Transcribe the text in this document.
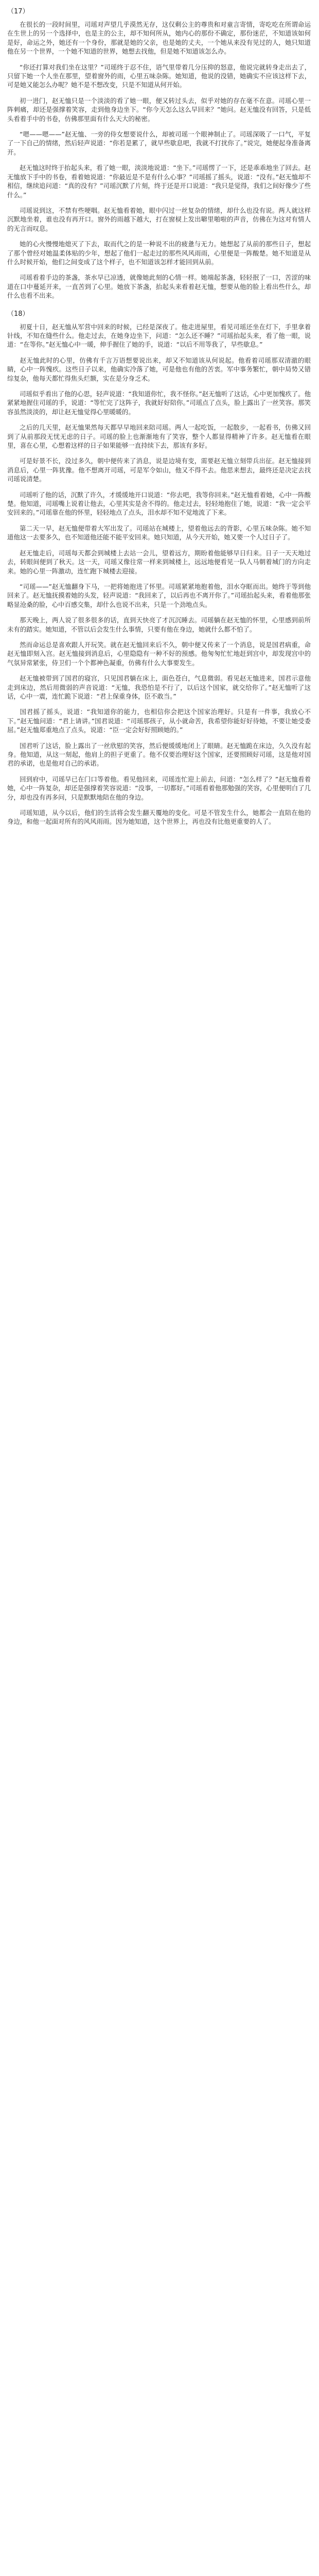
（17）

在很长的一段时间里，司瑶对声望几乎漠然无存，这仅剩公主的尊贵和对童言寄情，寄吃吃在所谓命运在生世上的另一个选择中，也是主的公主，却不知何所从，她内心的那份不确定，那份迷茫，不知道该如何是好，命运之外，她还有一个身份，那就是她的父亲，也是她的丈夫，一个她从来没有见过的人，她只知道他在另一个世界，一个她不知道的世界，她想去找他，但是她不知道该怎么办。

“你还打算对我们坐在这里？”司瑶终于忍不住，语气里带着几分压抑的怒意，他说完就转身走出去了，只留下她一个人坐在那里，望着窗外的雨，心里五味杂陈。她知道，他说的没错，她确实不应该这样下去，可是她又能怎么办呢？她不是不想改变，只是不知道从何开始。

初一进门，赵无恤只是一个淡淡的看了她一眼，便又转过头去，似乎对她的存在毫不在意。司瑶心里一阵刺痛，却还是强撑着笑容，走到他身边坐下。“你今天怎么这么早回来？”她问。赵无恤没有回答，只是低头看着手中的书卷，仿佛那里面有什么天大的秘密。

“嗯——嗯——”赵无恤、一旁的侍女想要说什么，却被司瑶一个眼神制止了。司瑶深吸了一口气，平复了一下自己的情绪，然后轻声说道：“你若是累了，就早些歇息吧，我就不打扰你了。”说完，她便起身准备离开。

赵无恤这时终于抬起头来，看了她一眼，淡淡地说道：“坐下。”司瑶愣了一下，还是乖乖地坐了回去。赵无恤放下手中的书卷，看着她说道：“你最近是不是有什么心事？”司瑶摇了摇头，说道：“没有。”赵无恤却不相信，继续追问道：“真的没有？”司瑶沉默了片刻，终于还是开口说道：“我只是觉得，我们之间好像少了些什么。”

司瑶说到这，不禁有些哽咽。赵无恤看着她，眼中闪过一丝复杂的情绪，却什么也没有说。两人就这样沉默地坐着，谁也没有再开口。窗外的雨越下越大，打在窗棂上发出噼里啪啦的声音，仿佛在为这对有情人的无言而叹息。

她的心火慢慢地熄灭了下去，取而代之的是一种说不出的疲惫与无力。她想起了从前的那些日子，想起了那个曾经对她温柔体贴的少年，想起了他们一起走过的那些风风雨雨，心里便是一阵酸楚。她不知道是从什么时候开始，他们之间变成了这个样子，也不知道该怎样才能回到从前。

司瑶看着手边的茶盏，茶水早已凉透，就像她此刻的心情一样。她端起茶盏，轻轻抿了一口，苦涩的味道在口中蔓延开来，一直苦到了心里。她放下茶盏，抬起头来看着赵无恤，想要从他的脸上看出些什么，却什么也看不出来。

（18）

初夏十日，赵无恤从军营中回来的时候，已经是深夜了。他走进屋里，看见司瑶还坐在灯下，手里拿着针线，不知在缝些什么。他走过去，在她身边坐下，问道：“怎么还不睡？”司瑶抬起头来，看了他一眼，说道：“在等你。”赵无恤心中一暖，伸手握住了她的手，说道：“以后不用等我了，早些歇息。”

赵无恤此时的心里，仿佛有千言万语想要说出来，却又不知道该从何说起。他看着司瑶那双清澈的眼睛，心中一阵愧疚。这些日子以来，他确实冷落了她，可是他也有他的苦衷。军中事务繁忙，朝中局势又错综复杂，他每天都忙得焦头烂额，实在是分身乏术。

司瑶似乎看出了他的心思，轻声说道：“我知道你忙，我不怪你。”赵无恤听了这话，心中更加愧疚了。他紧紧地握住司瑶的手，说道：“等忙完了这阵子，我就好好陪你。”司瑶点了点头，脸上露出了一丝笑容。那笑容虽然淡淡的，却让赵无恤觉得心里暖暖的。

之后的几天里，赵无恤果然每天都早早地回来陪司瑶。两人一起吃饭，一起散步，一起看书，仿佛又回到了从前那段无忧无虑的日子。司瑶的脸上也渐渐地有了笑容，整个人都显得精神了许多。赵无恤看在眼里，喜在心里，心想着这样的日子如果能够一直持续下去，那该有多好。

可是好景不长，没过多久，朝中便传来了消息，说是边境有变，需要赵无恤立刻带兵出征。赵无恤接到消息后，心里一阵犹豫。他不想离开司瑶，可是军令如山，他又不得不去。他思来想去，最终还是决定去找司瑶说清楚。

司瑶听了他的话，沉默了许久，才缓缓地开口说道：“你去吧，我等你回来。”赵无恤看着她，心中一阵酸楚。他知道，司瑶嘴上说着让他去，心里其实是舍不得的。他走过去，轻轻地抱住了她，说道：“我一定会平安回来的。”司瑶靠在他的怀里，轻轻地点了点头，泪水却不知不觉地流了下来。

第二天一早，赵无恤便带着大军出发了。司瑶站在城楼上，望着他远去的背影，心里五味杂陈。她不知道他这一去要多久，也不知道他还能不能平安回来。她只知道，从今天开始，她又要一个人过日子了。

赵无恤走后，司瑶每天都会到城楼上去站一会儿，望着远方，期盼着他能够早日归来。日子一天天地过去，转眼间便到了秋天。这一天，司瑶又像往常一样来到城楼上，远远地便看见一队人马朝着城门的方向走来。她的心里一阵激动，连忙跑下城楼去迎接。

“司瑶——”赵无恤翻身下马，一把将她抱进了怀里。司瑶紧紧地抱着他，泪水夺眶而出。她终于等到他回来了。赵无恤抚摸着她的头发，轻声说道：“我回来了，以后再也不离开你了。”司瑶抬起头来，看着他那张略显沧桑的脸，心中百感交集，却什么也说不出来，只是一个劲地点头。

那天晚上，两人说了很多很多的话，直到天快亮了才沉沉睡去。司瑶躺在赵无恤的怀里，心里感到前所未有的踏实。她知道，不管以后会发生什么事情，只要有他在身边，她就什么都不怕了。

然而命运总是喜欢跟人开玩笑。就在赵无恤回来后不久，朝中便又传来了一个消息，说是国君病重，命赵无恤即刻入宫。赵无恤接到消息后，心里隐隐有一种不好的预感。他匆匆忙忙地赶到宫中，却发现宫中的气氛异常紧张，侍卫们一个个都神色凝重，仿佛有什么大事要发生。

赵无恤被带到了国君的寝宫，只见国君躺在床上，面色苍白，气息微弱。看见赵无恤进来，国君示意他走到床边，然后用微弱的声音说道：“无恤，我恐怕是不行了，以后这个国家，就交给你了。”赵无恤听了这话，心中一震，连忙跪下说道：“君上保重身体，臣不敢当。”

国君摇了摇头，说道：“我知道你的能力，也相信你会把这个国家治理好。只是有一件事，我放心不下。”赵无恤问道：“君上请讲。”国君说道：“司瑶那孩子，从小就命苦，我希望你能好好待她，不要让她受委屈。”赵无恤郑重地点了点头，说道：“臣一定会好好照顾她的。”

国君听了这话，脸上露出了一丝欣慰的笑容，然后便缓缓地闭上了眼睛。赵无恤跪在床边，久久没有起身。他知道，从这一刻起，他肩上的担子更重了。他不仅要治理好这个国家，还要照顾好司瑶，这是他对国君的承诺，也是他对自己的承诺。

回到府中，司瑶早已在门口等着他。看见他回来，司瑶连忙迎上前去，问道：“怎么样了？”赵无恤看着她，心中一阵复杂，却还是强撑着笑容说道：“没事，一切都好。”司瑶看着他那勉强的笑容，心里便明白了几分，却也没有再多问，只是默默地陪在他的身边。

司瑶知道，从今以后，他们的生活将会发生翻天覆地的变化。可是不管发生什么，她都会一直陪在他的身边，和他一起面对所有的风风雨雨。因为她知道，这个世界上，再也没有比他更重要的人了。
